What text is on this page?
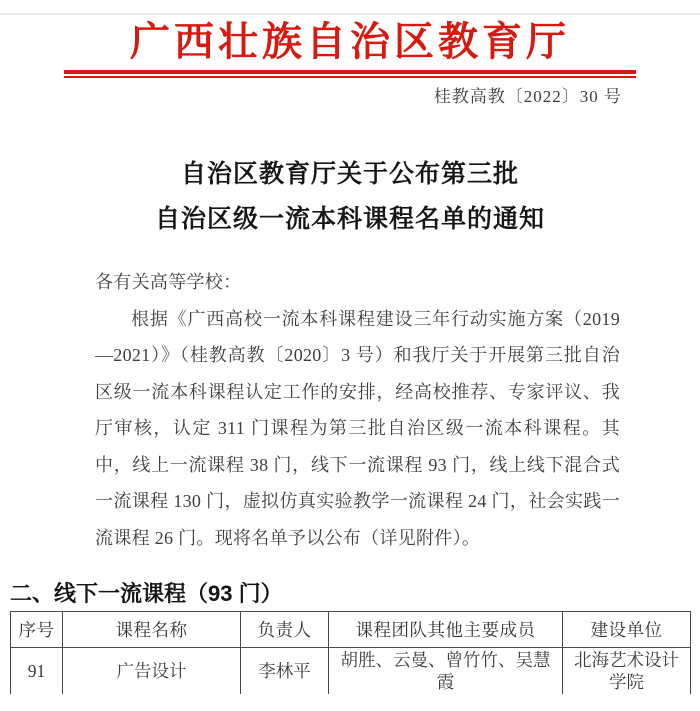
广西壮族自治区教育厅
桂教高教〔2022〕30 号
自治区教育厅关于公布第三批
自治区级一流本科课程名单的通知

各有关高等学校：

根据《广西高校一流本科课程建设三年行动实施方案（2019—2021）》（桂教高教〔2020〕3 号）和我厅关于开展第三批自治区级一流本科课程认定工作的安排，经高校推荐、专家评议、我厅审核，认定 311 门课程为第三批自治区级一流本科课程。其中，线上一流课程 38 门，线下一流课程 93 门，线上线下混合式一流课程 130 门，虚拟仿真实验教学一流课程 24 门，社会实践一流课程 26 门。现将名单予以公布（详见附件）。

二、线下一流课程（93 门）
序号	课程名称	负责人	课程团队其他主要成员	建设单位
91	广告设计	李林平	胡胜、云曼、曾竹竹、吴慧霞	北海艺术设计学院
